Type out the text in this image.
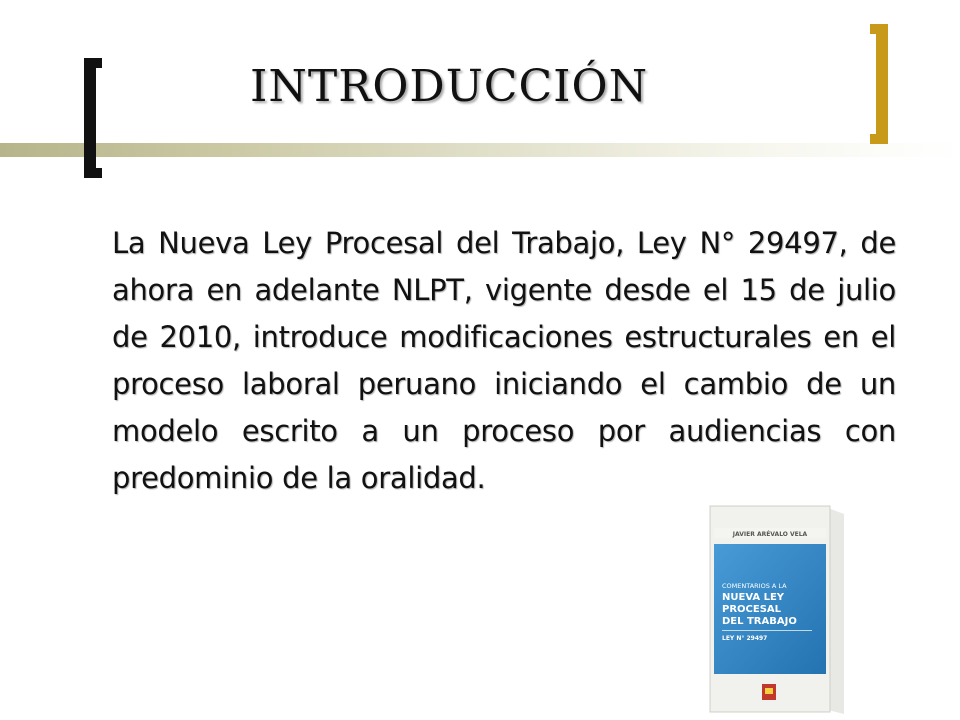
INTRODUCCIÓN

La Nueva Ley Procesal del Trabajo, Ley N° 29497, de ahora en adelante NLPT, vigente desde el 15 de julio de 2010, introduce modificaciones estructurales en el proceso laboral peruano iniciando el cambio de un modelo escrito a un proceso por audiencias con predominio de la oralidad.

JAVIER ARÉVALO VELA
COMENTARIOS A LA
NUEVA LEY
PROCESAL
DEL TRABAJO
LEY N° 29497
